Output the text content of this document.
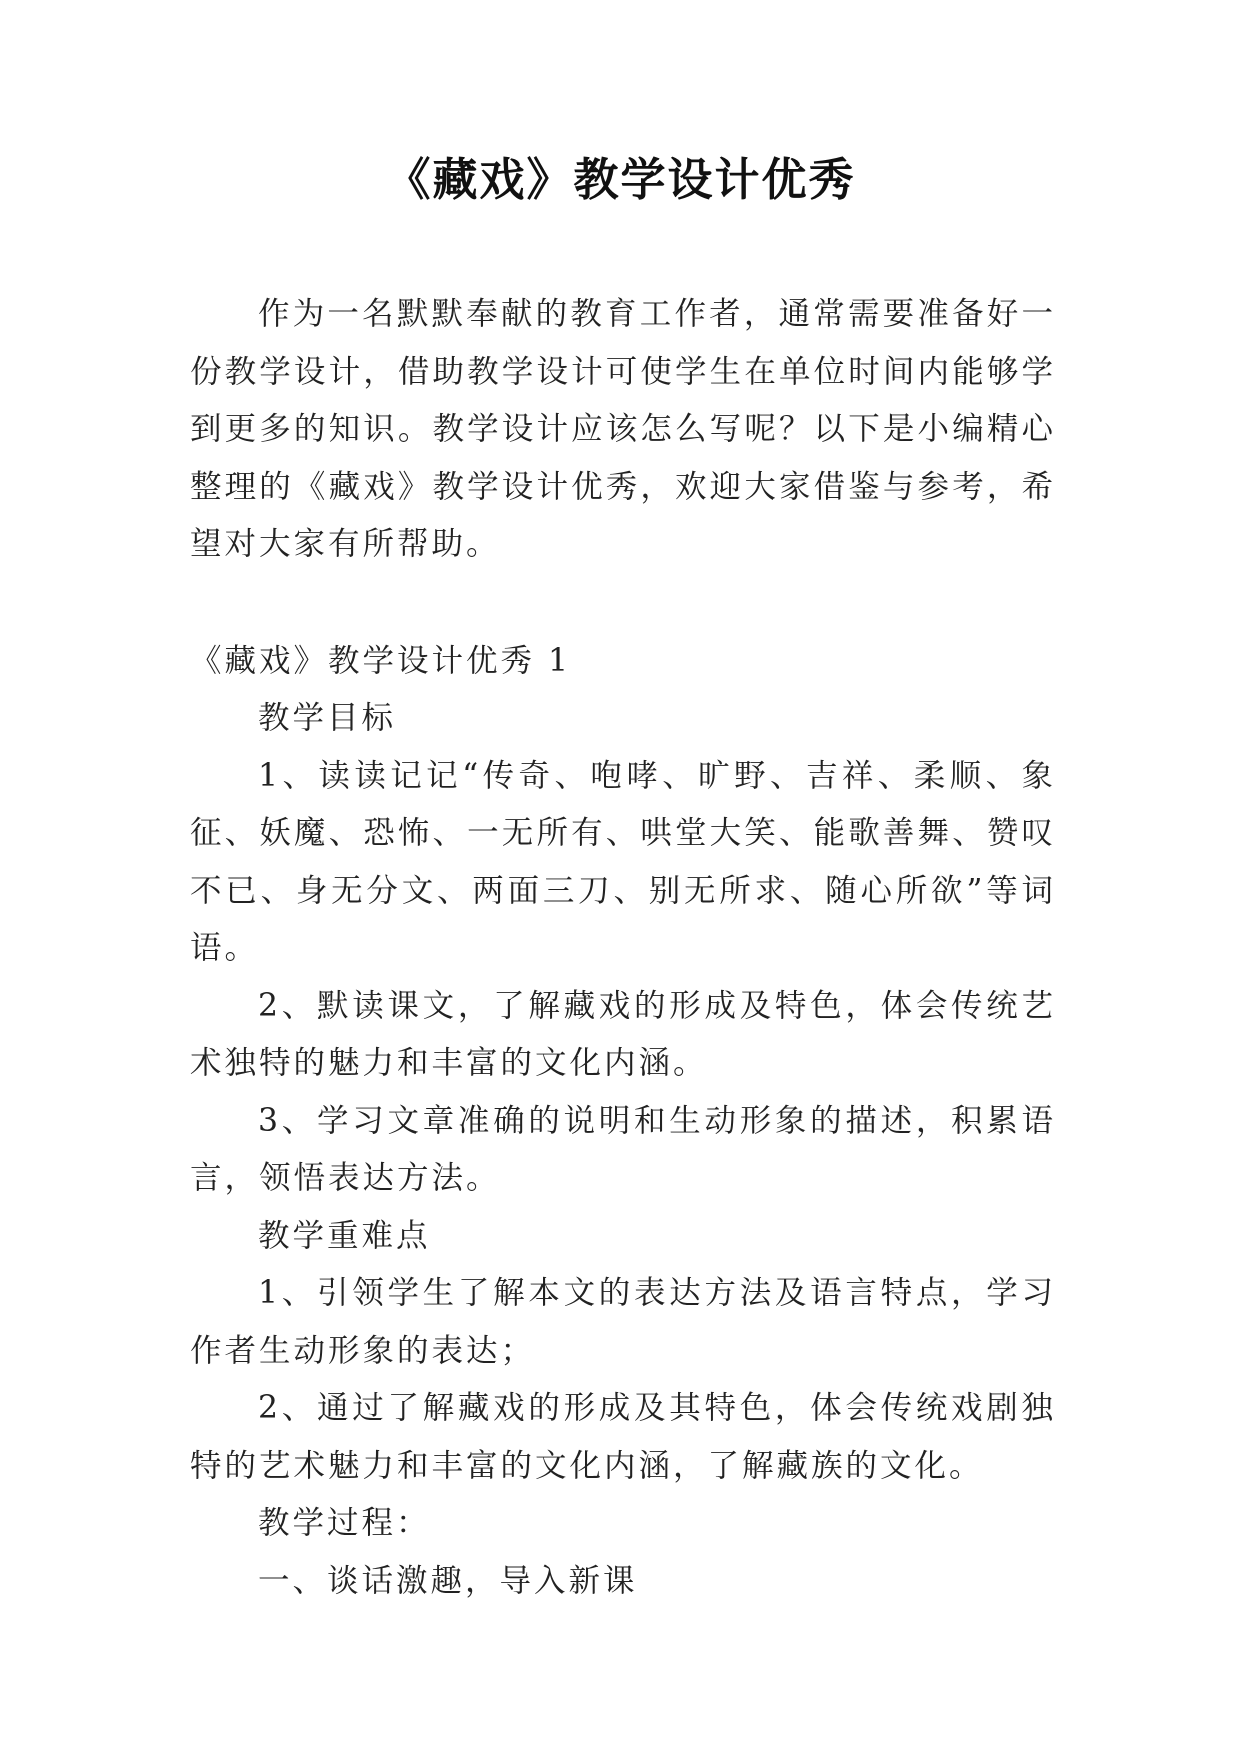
《藏戏》教学设计优秀

作为一名默默奉献的教育工作者，通常需要准备好一份教学设计，借助教学设计可使学生在单位时间内能够学到更多的知识。教学设计应该怎么写呢？以下是小编精心整理的《藏戏》教学设计优秀，欢迎大家借鉴与参考，希望对大家有所帮助。

《藏戏》教学设计优秀 1

教学目标

1、读读记记“传奇、咆哮、旷野、吉祥、柔顺、象征、妖魔、恐怖、一无所有、哄堂大笑、能歌善舞、赞叹不已、身无分文、两面三刀、别无所求、随心所欲”等词语。

2、默读课文，了解藏戏的形成及特色，体会传统艺术独特的魅力和丰富的文化内涵。

3、学习文章准确的说明和生动形象的描述，积累语言，领悟表达方法。

教学重难点

1、引领学生了解本文的表达方法及语言特点，学习作者生动形象的表达；

2、通过了解藏戏的形成及其特色，体会传统戏剧独特的艺术魅力和丰富的文化内涵，了解藏族的文化。

教学过程：

一、谈话激趣，导入新课
